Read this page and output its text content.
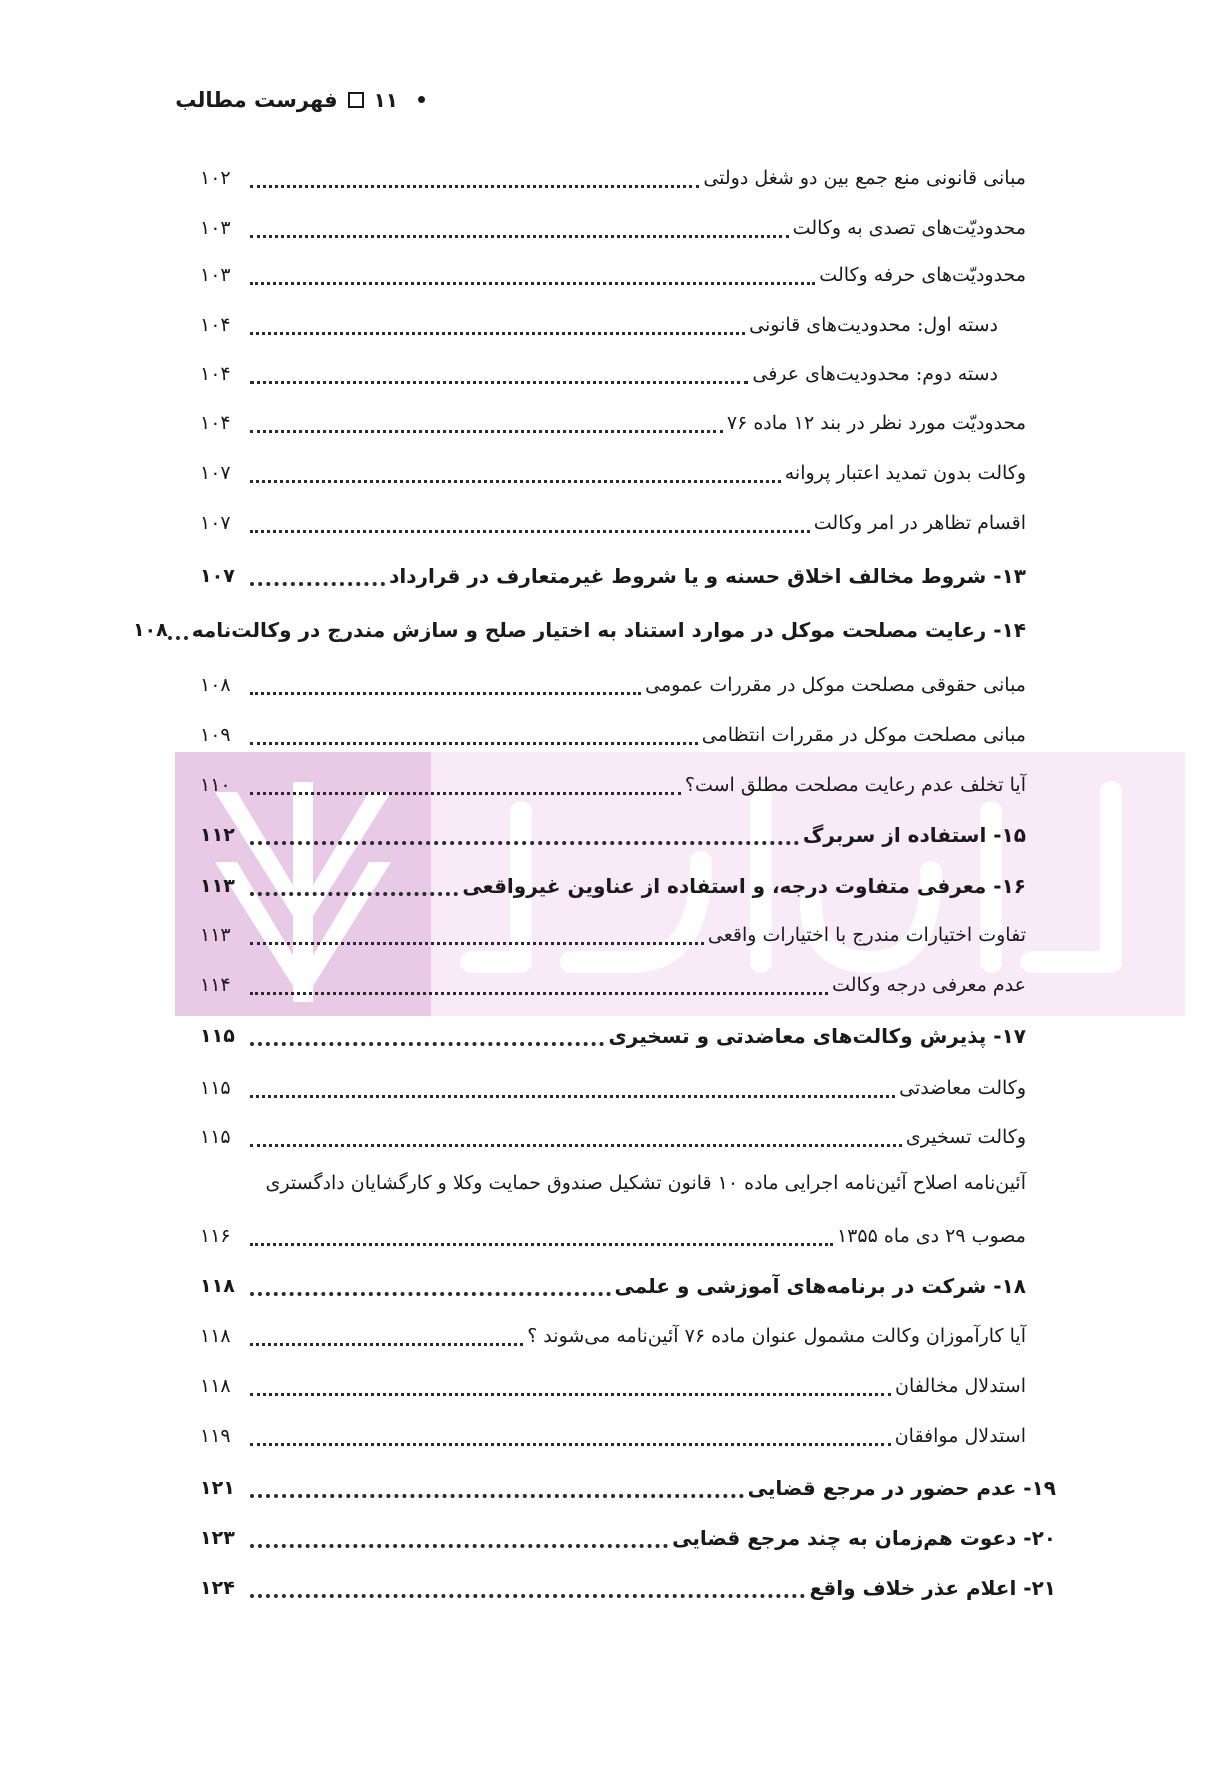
فهرست مطالب ۱۱
مبانی قانونی منع جمع بین دو شغل دولتی
۱۰۲
محدودیّت‌های تصدی به وکالت
۱۰۳
محدودیّت‌های حرفه وکالت
۱۰۳
دسته اول: محدودیت‌های قانونی
۱۰۴
دسته دوم: محدودیت‌های عرفی
۱۰۴
محدودیّت مورد نظر در بند ۱۲ ماده ۷۶
۱۰۴
وکالت بدون تمدید اعتبار پروانه
۱۰۷
اقسام تظاهر در امر وکالت
۱۰۷
۱۳- شروط مخالف اخلاق حسنه و یا شروط غیرمتعارف در قرارداد
۱۰۷
۱۴- رعایت مصلحت موکل در موارد استناد به اختیار صلح و سازش مندرج در وکالت‌نامه
۱۰۸
مبانی حقوقی مصلحت موکل در مقررات عمومی
۱۰۸
مبانی مصلحت موکل در مقررات انتظامی
۱۰۹
آیا تخلف عدم رعایت مصلحت مطلق است؟
۱۱۰
۱۵- استفاده از سربرگ
۱۱۲
۱۶- معرفی متفاوت درجه، و استفاده از عناوین غیرواقعی
۱۱۳
تفاوت اختیارات مندرج با اختیارات واقعی
۱۱۳
عدم معرفی درجه وکالت
۱۱۴
۱۷- پذیرش وکالت‌های معاضدتی و تسخیری
۱۱۵
وکالت معاضدتی
۱۱۵
وکالت تسخیری
۱۱۵
آئین‌نامه اصلاح آئین‌نامه اجرایی ماده ۱۰ قانون تشکیل صندوق حمایت وکلا و کارگشایان دادگستری
مصوب ۲۹ دی ماه ۱۳۵۵
۱۱۶
۱۸- شرکت در برنامه‌های آموزشی و علمی
۱۱۸
آیا کارآموزان وکالت مشمول عنوان ماده ۷۶ آئین‌نامه می‌شوند ؟
۱۱۸
استدلال مخالفان
۱۱۸
استدلال موافقان
۱۱۹
۱۹- عدم حضور در مرجع قضایی
۱۲۱
۲۰- دعوت هم‌زمان به چند مرجع قضایی
۱۲۳
۲۱- اعلام عذر خلاف واقع
۱۲۴
